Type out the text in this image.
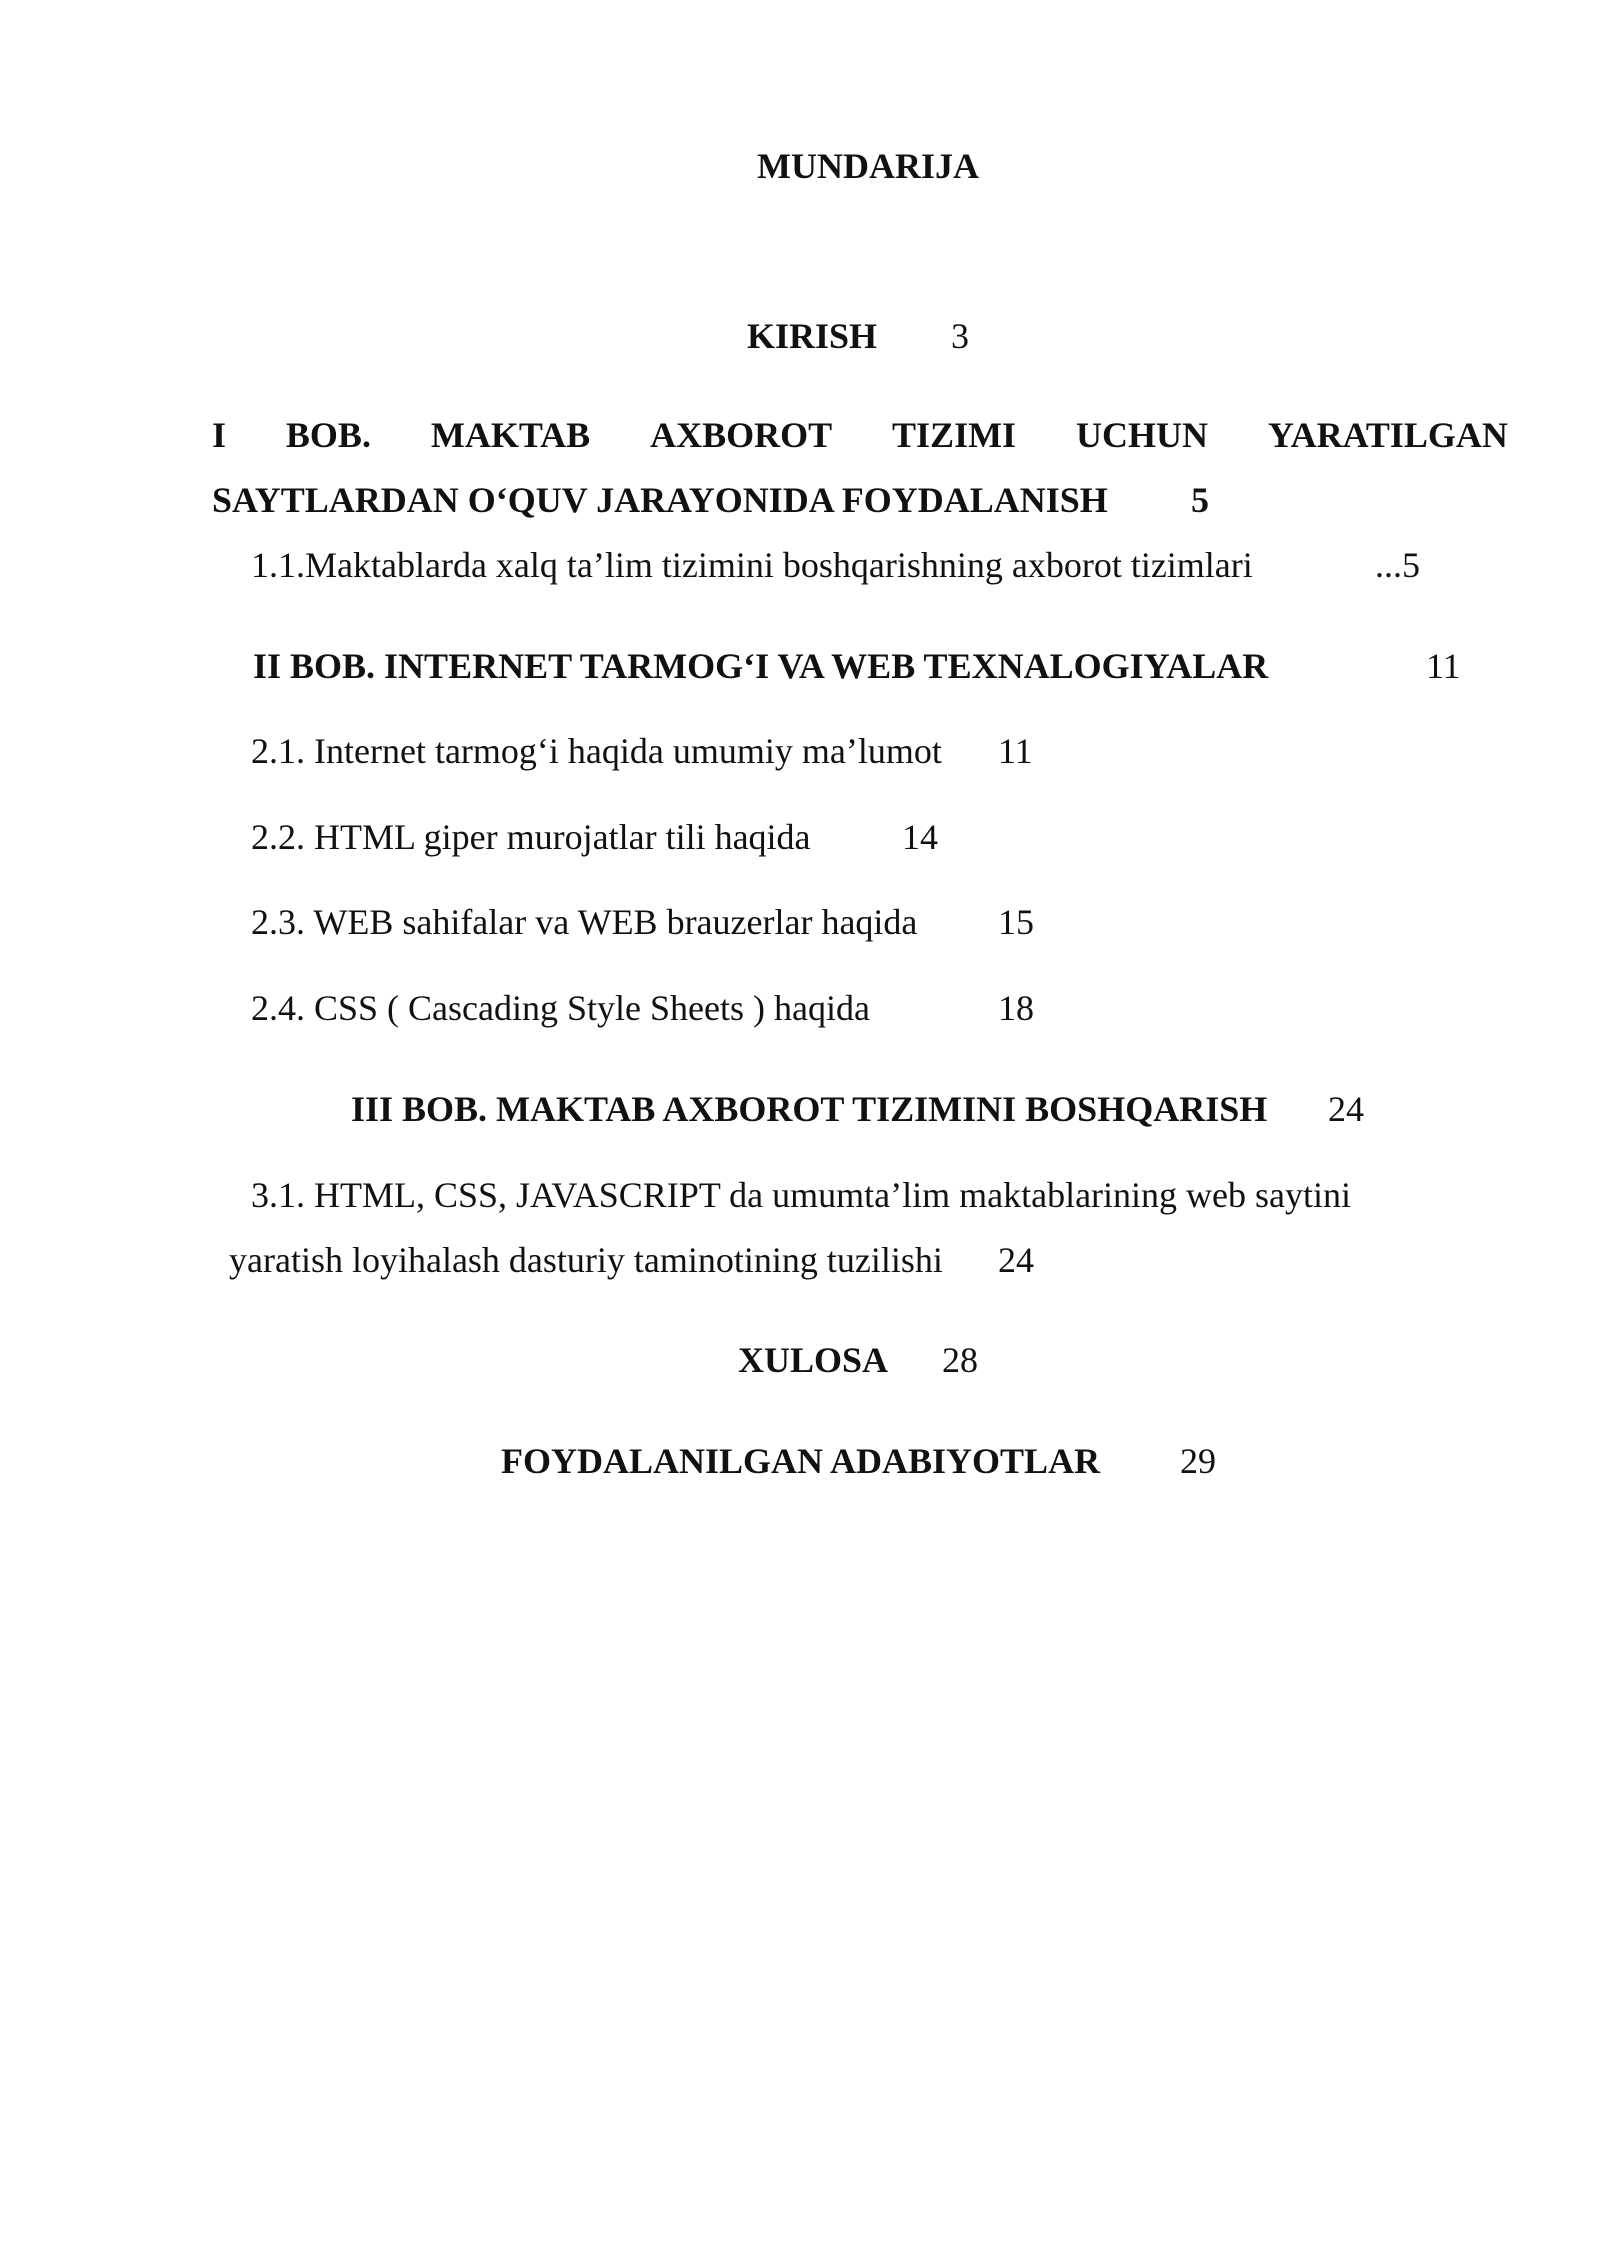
MUNDARIJA
KIRISH 3
I BOB. MAKTAB AXBOROT TIZIMI UCHUN YARATILGAN
SAYTLARDAN O‘QUV JARAYONIDA FOYDALANISH 5
1.1.Maktablarda xalq ta’lim tizimini boshqarishning axborot tizimlari	...5
II BOB. INTERNET TARMOG‘I VA WEB TEXNALOGIYALAR	11
2.1. Internet tarmog‘i haqida umumiy ma’lumot 11
2.2. HTML giper murojatlar tili haqida	14
2.3. WEB sahifalar va WEB brauzerlar haqida 15
2.4. CSS ( Cascading Style Sheets ) haqida	18
III BOB. MAKTAB AXBOROT TIZIMINI BOSHQARISH 24
3.1. HTML, CSS, JAVASCRIPT da umumta’lim maktablarining web saytini
yaratish loyihalash dasturiy taminotining tuzilishi 24
XULOSA 28
FOYDALANILGAN ADABIYOTLAR 29
